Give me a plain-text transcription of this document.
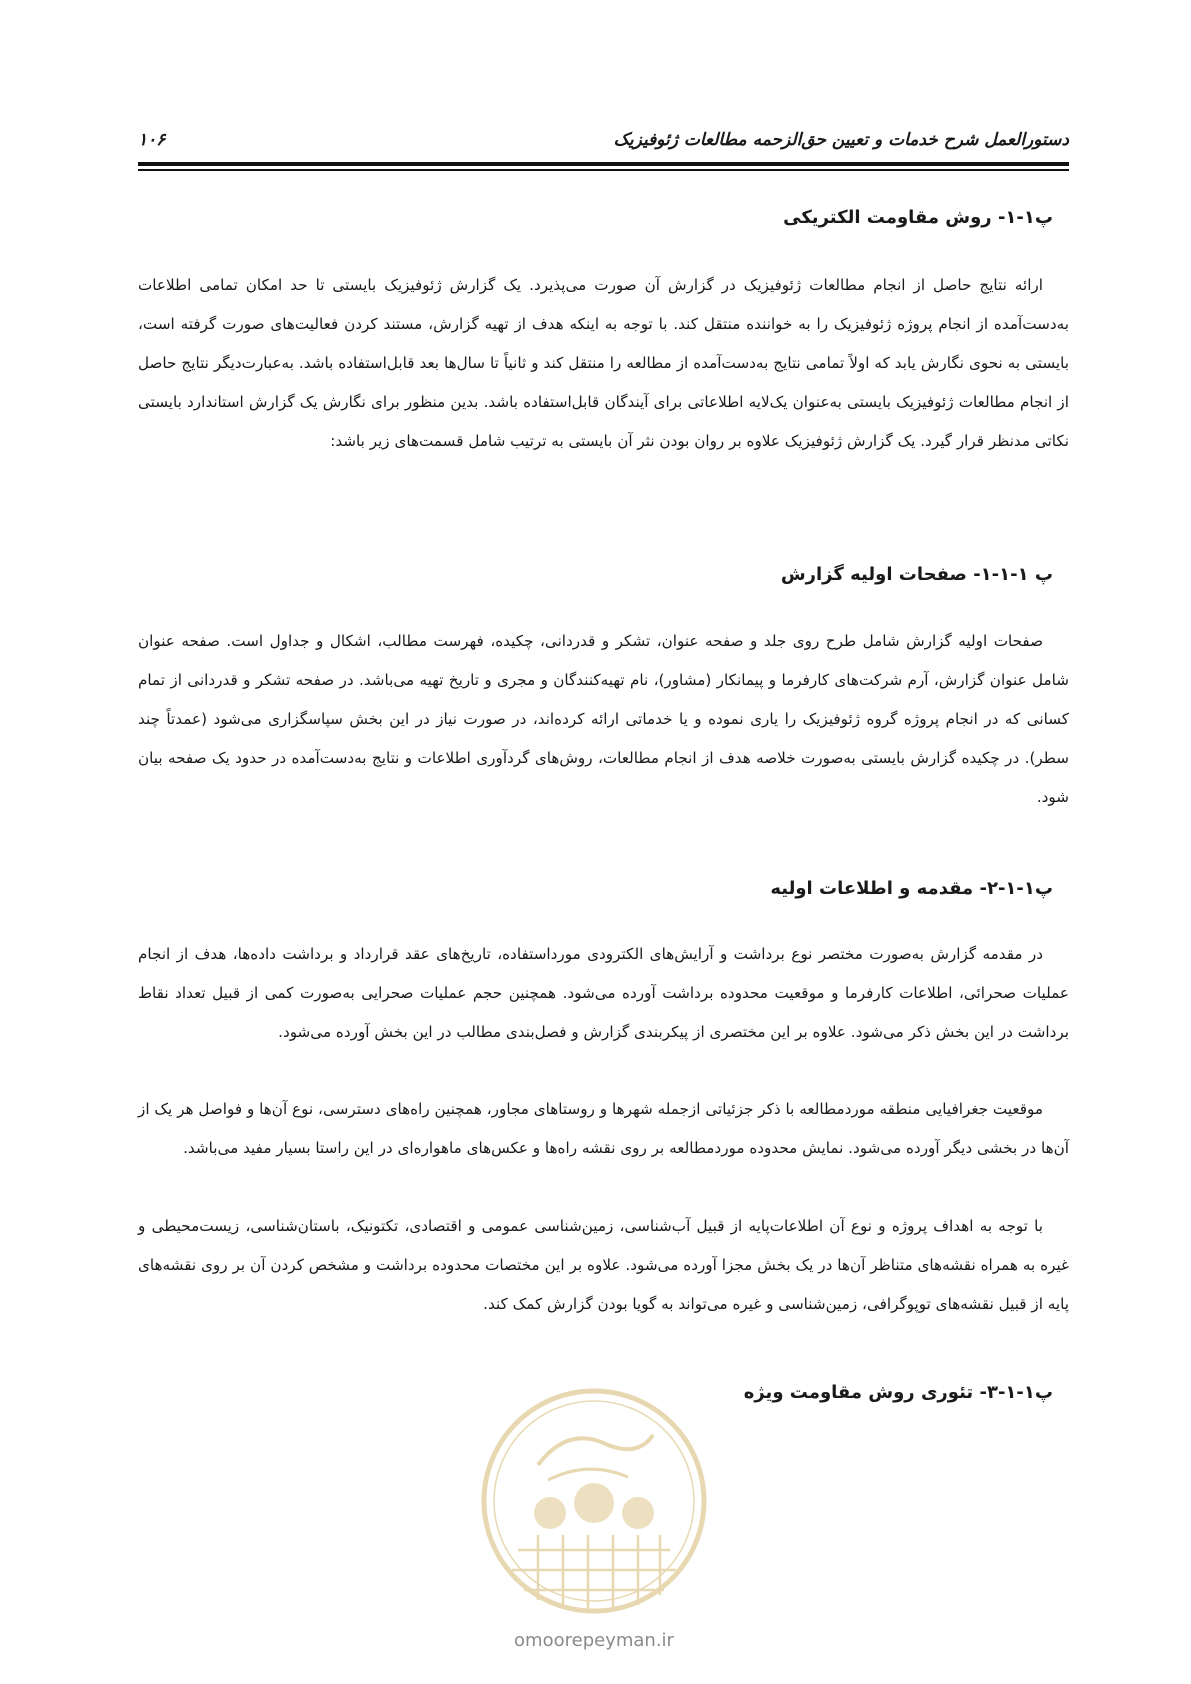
دستورالعمل شرح خدمات و تعیین حق‌الزحمه مطالعات ژئوفیزیک
۱۰۶
پ۱-۱- روش مقاومت الکتریکی

ارائه نتایج حاصل از انجام مطالعات ژئوفیزیک در گزارش آن صورت می‌پذیرد. یک گزارش ژئوفیزیک بایستی تا حد امکان تمامی اطلاعات به‌دست‌آمده از انجام پروژه ژئوفیزیک را به خواننده منتقل کند. با توجه به اینکه هدف از تهیه گزارش، مستند کردن فعالیت‌های صورت گرفته است، بایستی به نحوی نگارش یابد که اولاً تمامی نتایج به‌دست‌آمده از مطالعه را منتقل کند و ثانیاً تا سال‌ها بعد قابل‌استفاده باشد. به‌عبارت‌دیگر نتایج حاصل از انجام مطالعات ژئوفیزیک بایستی به‌عنوان یک‌لایه اطلاعاتی برای آیندگان قابل‌استفاده باشد. بدین منظور برای نگارش یک گزارش استاندارد بایستی نکاتی مدنظر قرار گیرد. یک گزارش ژئوفیزیک علاوه بر روان بودن نثر آن بایستی به ترتیب شامل قسمت‌های زیر باشد:

پ ۱-۱-۱- صفحات اولیه گزارش

صفحات اولیه گزارش شامل طرح روی جلد و صفحه عنوان، تشکر و قدردانی، چکیده، فهرست مطالب، اشکال و جداول است. صفحه عنوان شامل عنوان گزارش، آرم شرکت‌های کارفرما و پیمانکار (مشاور)، نام تهیه‌کنندگان و مجری و تاریخ تهیه می‌باشد. در صفحه تشکر و قدردانی از تمام کسانی که در انجام پروژه گروه ژئوفیزیک را یاری نموده و یا خدماتی ارائه کرده‌اند، در صورت نیاز در این بخش سپاسگزاری می‌شود (عمدتاً چند سطر). در چکیده گزارش بایستی به‌صورت خلاصه هدف از انجام مطالعات، روش‌های گردآوری اطلاعات و نتایج به‌دست‌آمده در حدود یک صفحه بیان شود.

پ۱-۱-۲- مقدمه و اطلاعات اولیه

در مقدمه گزارش به‌صورت مختصر نوع برداشت و آرایش‌های الکترودی مورداستفاده، تاریخ‌های عقد قرارداد و برداشت داده‌ها، هدف از انجام عملیات صحرائی، اطلاعات کارفرما و موقعیت محدوده برداشت آورده می‌شود. همچنین حجم عملیات صحرایی به‌صورت کمی از قبیل تعداد نقاط برداشت در این بخش ذکر می‌شود. علاوه بر این مختصری از پیکربندی گزارش و فصل‌بندی مطالب در این بخش آورده می‌شود.

موقعیت جغرافیایی منطقه موردمطالعه با ذکر جزئیاتی ازجمله شهرها و روستاهای مجاور، همچنین راه‌های دسترسی، نوع آن‌ها و فواصل هر یک از آن‌ها در بخشی دیگر آورده می‌شود. نمایش محدوده موردمطالعه بر روی نقشه راه‌ها و عکس‌های ماهواره‌ای در این راستا بسیار مفید می‌باشد.

با توجه به اهداف پروژه و نوع آن اطلاعات‌پایه از قبیل آب‌شناسی، زمین‌شناسی عمومی و اقتصادی، تکتونیک، باستان‌شناسی، زیست‌محیطی و غیره به همراه نقشه‌های متناظر آن‌ها در یک بخش مجزا آورده می‌شود. علاوه بر این مختصات محدوده برداشت و مشخص کردن آن بر روی نقشه‌های پایه از قبیل نقشه‌های توپوگرافی، زمین‌شناسی و غیره می‌تواند به گویا بودن گزارش کمک کند.

پ۱-۱-۳- تئوری روش مقاومت ویژه
omoorepeyman.ir
